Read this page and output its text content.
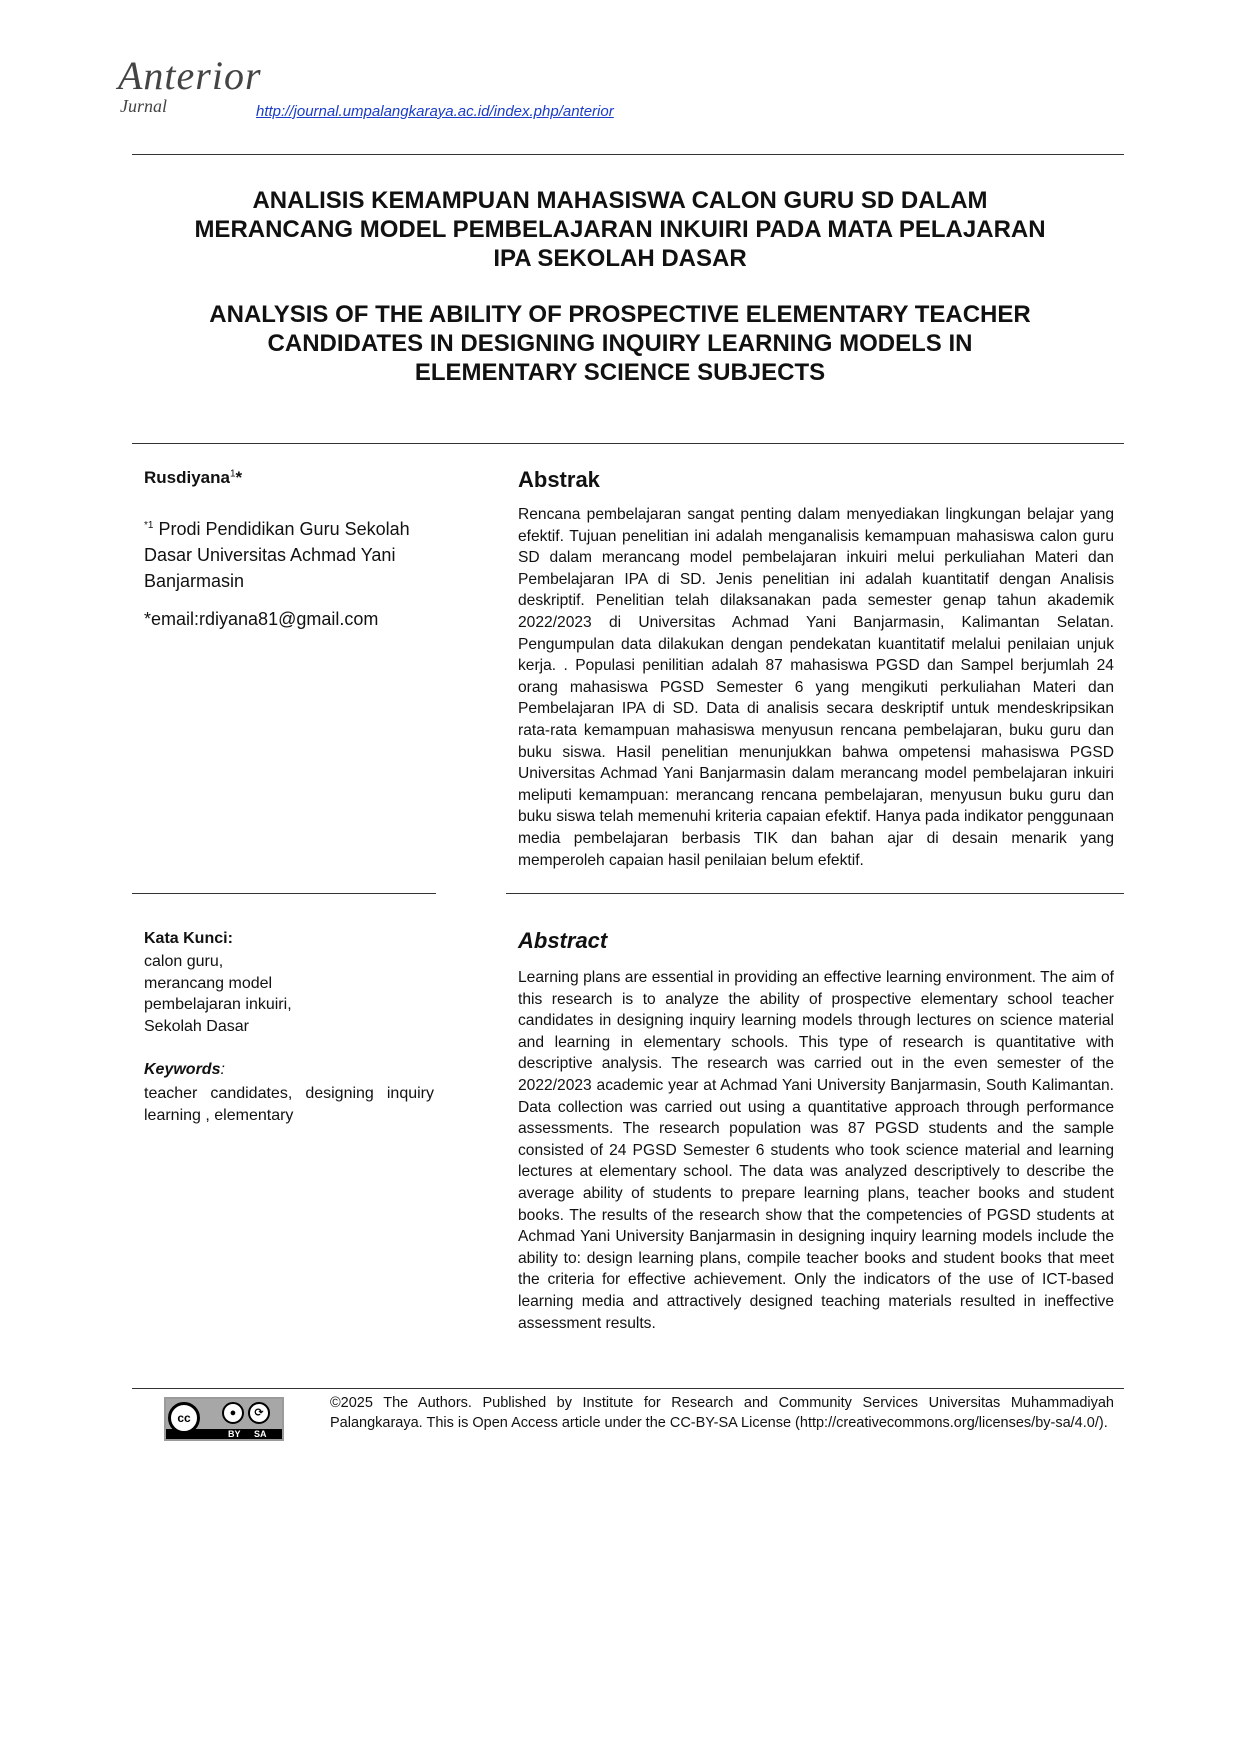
Anterior
Jurnal	http://journal.umpalangkaraya.ac.id/index.php/anterior
ANALISIS KEMAMPUAN MAHASISWA CALON GURU SD DALAM
MERANCANG MODEL PEMBELAJARAN INKUIRI PADA MATA PELAJARAN
IPA SEKOLAH DASAR
ANALYSIS OF THE ABILITY OF PROSPECTIVE ELEMENTARY TEACHER
CANDIDATES IN DESIGNING INQUIRY LEARNING MODELS IN
ELEMENTARY SCIENCE SUBJECTS
Rusdiyana$^1$*
$^{*1}$ Prodi Pendidikan Guru Sekolah Dasar Universitas Achmad Yani Banjarmasin
*email:rdiyana81@gmail.com
Abstrak
Rencana pembelajaran sangat penting dalam menyediakan lingkungan belajar yang efektif. Tujuan penelitian ini adalah menganalisis kemampuan mahasiswa calon guru SD dalam merancang model pembelajaran inkuiri melui perkuliahan Materi dan Pembelajaran IPA di SD. Jenis penelitian ini adalah kuantitatif dengan Analisis deskriptif. Penelitian telah dilaksanakan pada semester genap tahun akademik 2022/2023 di Universitas Achmad Yani Banjarmasin, Kalimantan Selatan. Pengumpulan data dilakukan dengan pendekatan kuantitatif melalui penilaian unjuk kerja. . Populasi penilitian adalah 87 mahasiswa PGSD dan Sampel berjumlah 24 orang mahasiswa PGSD Semester 6 yang mengikuti perkuliahan Materi dan Pembelajaran IPA di SD. Data di analisis secara deskriptif untuk mendeskripsikan rata-rata kemampuan mahasiswa menyusun rencana pembelajaran, buku guru dan buku siswa. Hasil penelitian menunjukkan bahwa ompetensi mahasiswa PGSD Universitas Achmad Yani Banjarmasin dalam merancang model pembelajaran inkuiri meliputi kemampuan: merancang rencana pembelajaran, menyusun buku guru dan buku siswa telah memenuhi kriteria capaian efektif. Hanya pada indikator penggunaan media pembelajaran berbasis TIK dan bahan ajar di desain menarik yang memperoleh capaian hasil penilaian belum efektif.
Kata Kunci:
calon guru,
merancang model
pembelajaran inkuiri,
Sekolah Dasar
Keywords:
teacher candidates, designing inquiry learning , elementary
Abstract
Learning plans are essential in providing an effective learning environment. The aim of this research is to analyze the ability of prospective elementary school teacher candidates in designing inquiry learning models through lectures on science material and learning in elementary schools. This type of research is quantitative with descriptive analysis. The research was carried out in the even semester of the 2022/2023 academic year at Achmad Yani University Banjarmasin, South Kalimantan. Data collection was carried out using a quantitative approach through performance assessments. The research population was 87 PGSD students and the sample consisted of 24 PGSD Semester 6 students who took science material and learning lectures at elementary school. The data was analyzed descriptively to describe the average ability of students to prepare learning plans, teacher books and student books. The results of the research show that the competencies of PGSD students at Achmad Yani University Banjarmasin in designing inquiry learning models include the ability to: design learning plans, compile teacher books and student books that meet the criteria for effective achievement. Only the indicators of the use of ICT-based learning media and attractively designed teaching materials resulted in ineffective assessment results.
cc	●	⟳
BY SA
©2025 The Authors. Published by Institute for Research and Community Services Universitas Muhammadiyah Palangkaraya. This is Open Access article under the CC-BY-SA License (http://creativecommons.org/licenses/by-sa/4.0/).
